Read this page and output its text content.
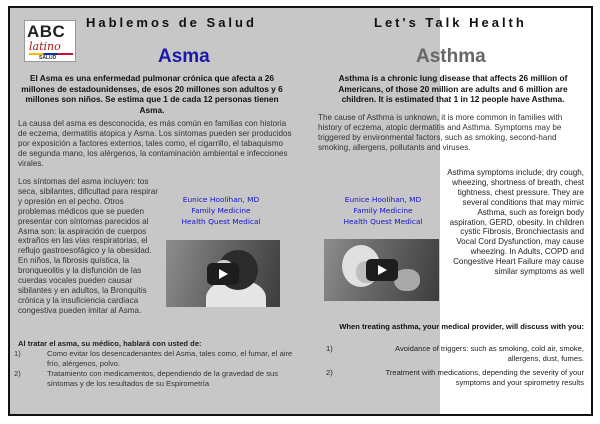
ABC
latino
SALUD
Hablemos de Salud
Asma
El Asma es una enfermedad pulmonar crónica que afecta a 26 millones de estadounidenses, de esos 20 millones son adultos y 6 millones son niños. Se estima que 1 de cada 12 personas tienen Asma.
La causa del asma es desconocida, es más común en familias con historia de eczema, dermatitis atopica y Asma. Los síntomas pueden ser producidos por exposición a factores externos, tales como, el cigarrillo, el tabaquismo de segunda mano, los alérgenos, la contaminación ambiental e infecciones virales.
Los síntomas del asma incluyen: tos seca, sibilantes, dificultad para respirar y opresión en el pecho. Otros problemas médicos que se pueden presentar con síntomas parecidos al Asma son: la aspiración de cuerpos extraños en las vías respiratorias, el reflujo gastroesofágico y la obesidad. En niños, la fibrosis quística, la bronqueolitis y la disfunción de las cuerdas vocales pueden causar sibilantes y en adultos, la Bronquitis crónica y la insuficiencia cardiaca congestiva pueden imitar al Asma.
Eunice Hoolihan, MD
Family Medicine
Health Quest Medical
Al tratar el asma, su médico, hablará con usted de:
1)	Como evitar los desencadenantes del Asma, tales como, el fumar, el aire frío, alérgenos, polvo.
2)	Tratamiento con medicamentos, dependiendo de la gravedad de sus síntomas y de los resultados de su Espirometría
Let's Talk Health
Asthma
Asthma is a chronic lung disease that affects 26 million of Americans, of those 20 million are adults and 6 million are children. It is estimated that 1 in 12 people have Asthma.
The cause of Asthma is unknown, it is more common in families with history of eczema, atopic dermatitis and Asthma. Symptoms may be triggered by environmental factors, such as smoking, second-hand smoking, allergens, pollutants and viruses.
Asthma symptoms include; dry cough, wheezing, shortness of breath, chest tightness, chest pressure. They are several conditions that may mimic Asthma, such as foreign body aspiration, GERD, obesity. In children cystic Fibrosis, Bronchiectasis and Vocal Cord Dysfunction, may cause wheezing. In Adults, COPD and Congestive Heart Failure may cause similar symptoms as well
Eunice Hoolihan, MD
Family Medicine
Health Quest Medical
When treating asthma, your medical provider, will discuss with you:
1)	Avoidance of triggers: such as smoking, cold air, smoke, allergens, dust, fumes.
2)	Treatment with medications, depending the severity of your symptoms and your spirometry results
